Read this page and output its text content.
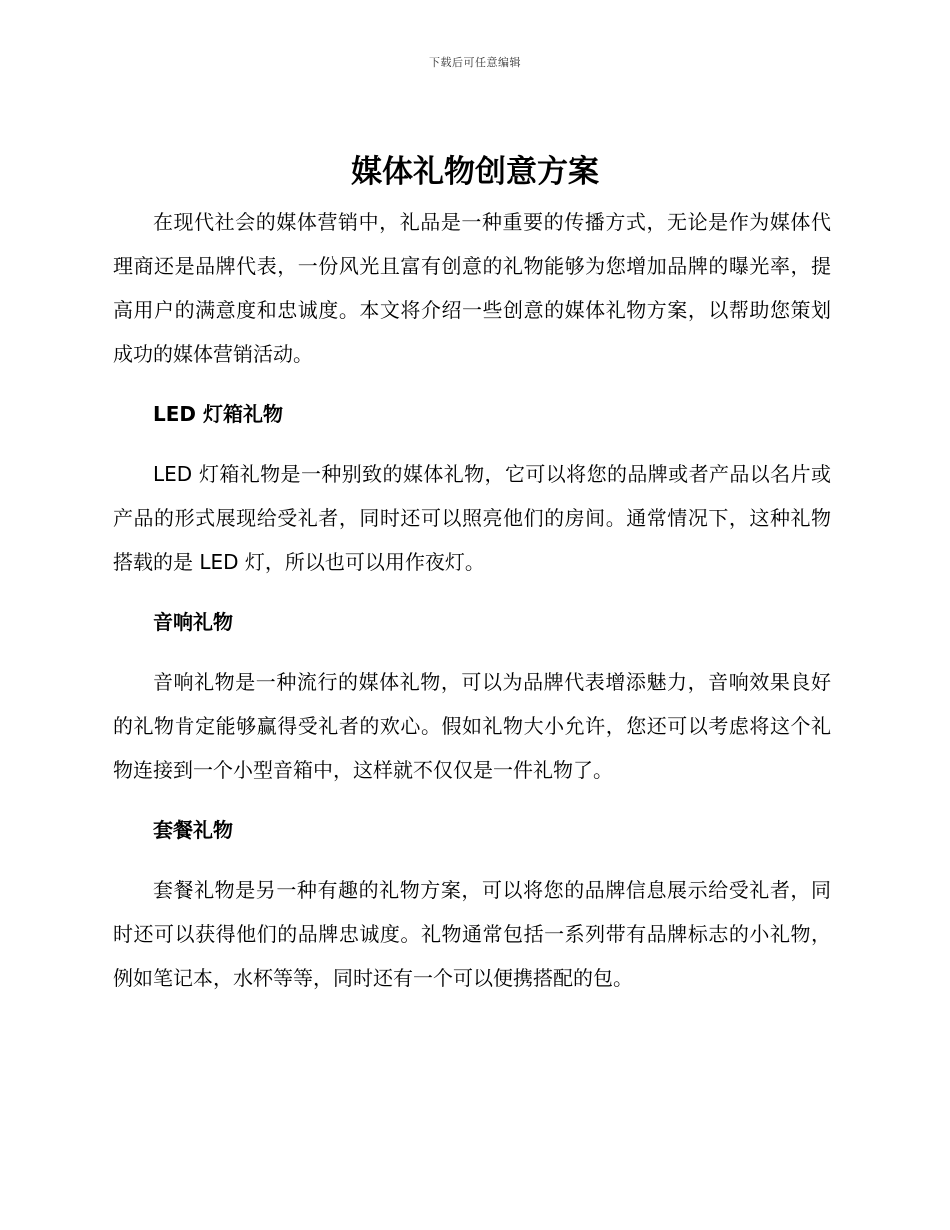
下载后可任意编辑
媒体礼物创意方案

在现代社会的媒体营销中，礼品是一种重要的传播方式，无论是作为媒体代理商还是品牌代表，一份风光且富有创意的礼物能够为您增加品牌的曝光率，提高用户的满意度和忠诚度。本文将介绍一些创意的媒体礼物方案，以帮助您策划成功的媒体营销活动。

LED 灯箱礼物

LED 灯箱礼物是一种别致的媒体礼物，它可以将您的品牌或者产品以名片或产品的形式展现给受礼者，同时还可以照亮他们的房间。通常情况下，这种礼物搭载的是 LED 灯，所以也可以用作夜灯。

音响礼物

音响礼物是一种流行的媒体礼物，可以为品牌代表增添魅力，音响效果良好的礼物肯定能够赢得受礼者的欢心。假如礼物大小允许，您还可以考虑将这个礼物连接到一个小型音箱中，这样就不仅仅是一件礼物了。

套餐礼物

套餐礼物是另一种有趣的礼物方案，可以将您的品牌信息展示给受礼者，同时还可以获得他们的品牌忠诚度。礼物通常包括一系列带有品牌标志的小礼物，例如笔记本，水杯等等，同时还有一个可以便携搭配的包。
